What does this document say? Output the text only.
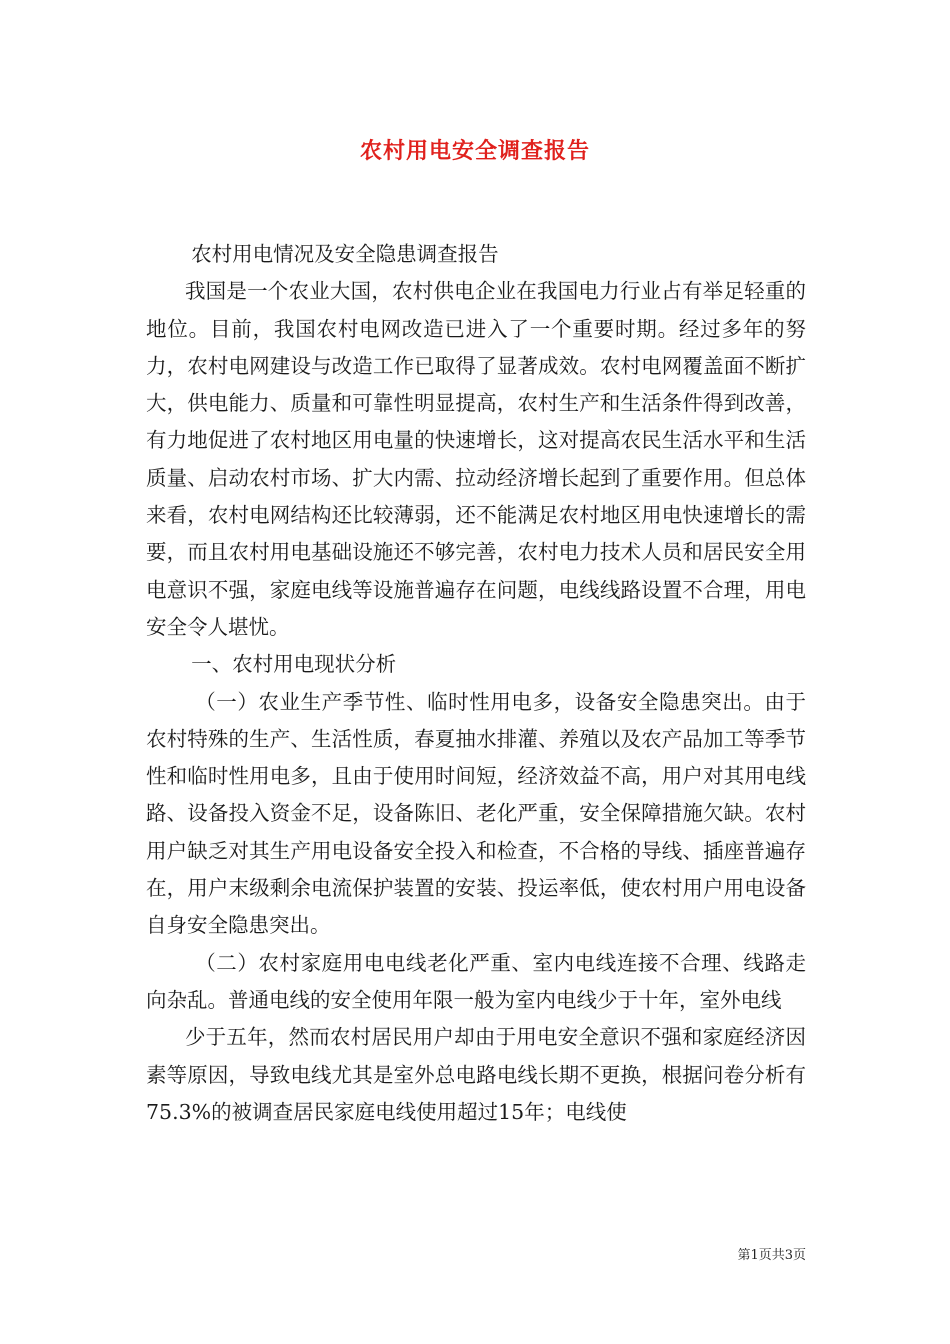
农村用电安全调查报告

农村用电情况及安全隐患调查报告

我国是一个农业大国，农村供电企业在我国电力行业占有举足轻重的地位。目前，我国农村电网改造已进入了一个重要时期。经过多年的努力，农村电网建设与改造工作已取得了显著成效。农村电网覆盖面不断扩大，供电能力、质量和可靠性明显提高，农村生产和生活条件得到改善，有力地促进了农村地区用电量的快速增长，这对提高农民生活水平和生活质量、启动农村市场、扩大内需、拉动经济增长起到了重要作用。但总体来看，农村电网结构还比较薄弱，还不能满足农村地区用电快速增长的需要，而且农村用电基础设施还不够完善，农村电力技术人员和居民安全用电意识不强，家庭电线等设施普遍存在问题，电线线路设置不合理，用电安全令人堪忧。

一、农村用电现状分析

（一）农业生产季节性、临时性用电多，设备安全隐患突出。由于农村特殊的生产、生活性质，春夏抽水排灌、养殖以及农产品加工等季节性和临时性用电多，且由于使用时间短，经济效益不高，用户对其用电线路、设备投入资金不足，设备陈旧、老化严重，安全保障措施欠缺。农村用户缺乏对其生产用电设备安全投入和检查，不合格的导线、插座普遍存在，用户末级剩余电流保护装置的安装、投运率低，使农村用户用电设备自身安全隐患突出。

（二）农村家庭用电电线老化严重、室内电线连接不合理、线路走向杂乱。普通电线的安全使用年限一般为室内电线少于十年，室外电线

少于五年，然而农村居民用户却由于用电安全意识不强和家庭经济因素等原因，导致电线尤其是室外总电路电线长期不更换，根据问卷分析有75.3%的被调查居民家庭电线使用超过15年；电线使

第1页共3页
